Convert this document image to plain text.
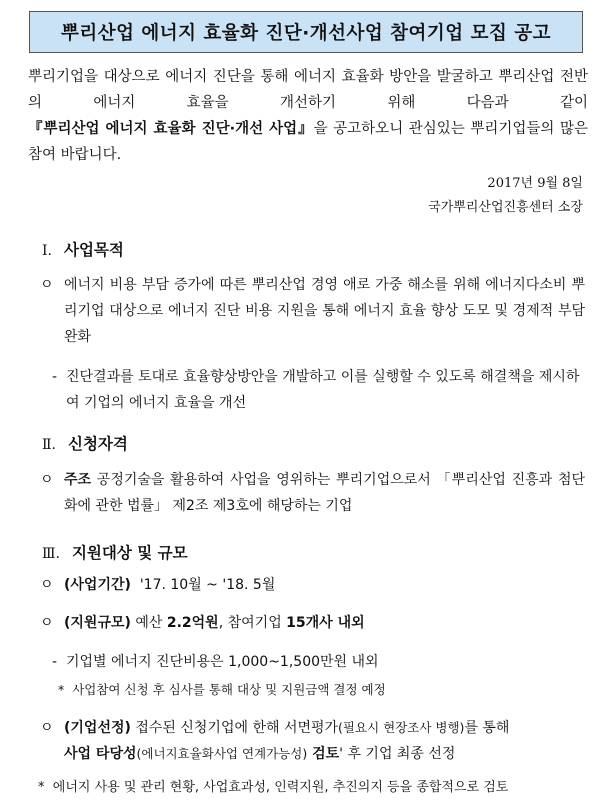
뿌리산업 에너지 효율화 진단·개선사업 참여기업 모집 공고

뿌리기업을 대상으로 에너지 진단을 통해 에너지 효율화 방안을 발굴하고 뿌리산업 전반의 에너지 효율을 개선하기 위해 다음과 같이 『뿌리산업 에너지 효율화 진단·개선 사업』을 공고하오니 관심있는 뿌리기업들의 많은 참여 바랍니다.

2017년 9월 8일
국가뿌리산업진흥센터 소장
Ⅰ. 사업목적
ㅇ 에너지 비용 부담 증가에 따른 뿌리산업 경영 애로 가중 해소를 위해 에너지다소비 뿌리기업 대상으로 에너지 진단 비용 지원을 통해 에너지 효율 향상 도모 및 경제적 부담 완화
- 진단결과를 토대로 효율향상방안을 개발하고 이를 실행할 수 있도록 해결책을 제시하여 기업의 에너지 효율을 개선
Ⅱ. 신청자격
ㅇ 주조 공정기술을 활용하여 사업을 영위하는 뿌리기업으로서 「뿌리산업 진흥과 첨단화에 관한 법률」 제2조 제3호에 해당하는 기업
Ⅲ. 지원대상 및 규모
ㅇ (사업기간) '17. 10월 ~ '18. 5월
ㅇ (지원규모) 예산 2.2억원, 참여기업 15개사 내외
- 기업별 에너지 진단비용은 1,000~1,500만원 내외
* 사업참여 신청 후 심사를 통해 대상 및 지원금액 결정 예정
ㅇ (기업선정) 접수된 신청기업에 한해 서면평가(필요시 현장조사 병행)를 통해
사업 타당성(에너지효율화사업 연계가능성) 검토' 후 기업 최종 선정
* 에너지 사용 및 관리 현황, 사업효과성, 인력지원, 추진의지 등을 종합적으로 검토
